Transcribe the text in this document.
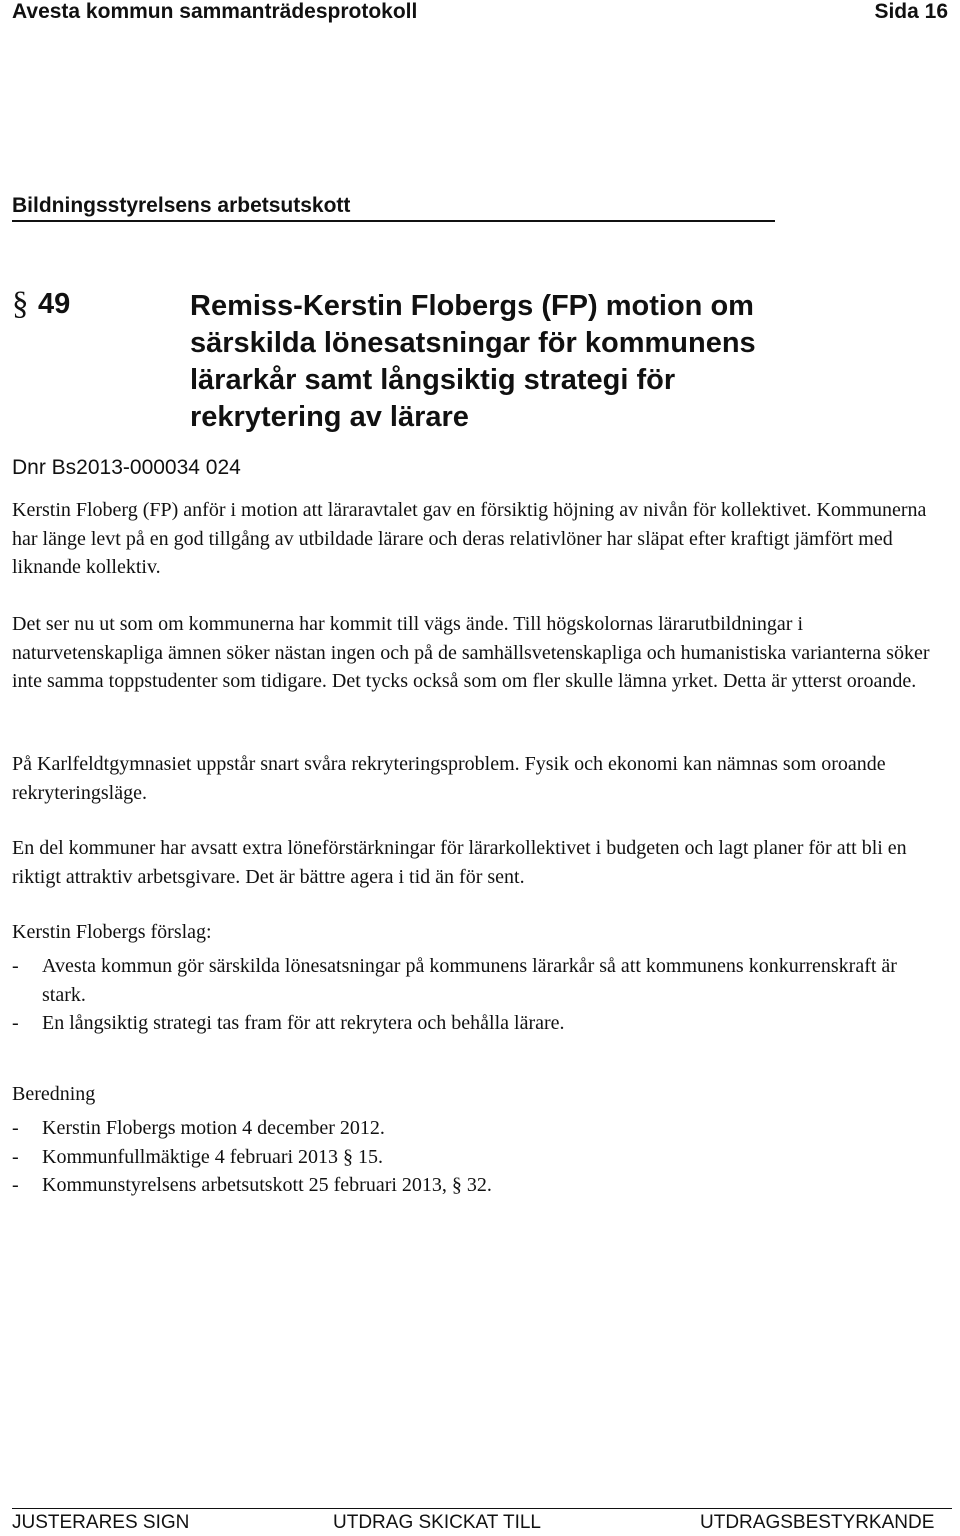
Avesta kommun sammanträdesprotokoll	Sida 16
Bildningsstyrelsens arbetsutskott
§ 49	Remiss-Kerstin Flobergs (FP) motion om
särskilda lönesatsningar för kommunens
lärarkår samt långsiktig strategi för
rekrytering av lärare
Dnr Bs2013-000034 024

Kerstin Floberg (FP) anför i motion att läraravtalet gav en försiktig höjning av nivån för kollektivet. Kommunerna har länge levt på en god tillgång av utbildade lärare och deras relativlöner har släpat efter kraftigt jämfört med liknande kollektiv.

Det ser nu ut som om kommunerna har kommit till vägs ände. Till högskolornas lärarutbildningar i naturvetenskapliga ämnen söker nästan ingen och på de samhällsvetenskapliga och humanistiska varianterna söker inte samma toppstudenter som tidigare. Det tycks också som om fler skulle lämna yrket. Detta är ytterst oroande.

På Karlfeldtgymnasiet uppstår snart svåra rekryteringsproblem. Fysik och ekonomi kan nämnas som oroande rekryteringsläge.

En del kommuner har avsatt extra löneförstärkningar för lärarkollektivet i budgeten och lagt planer för att bli en riktigt attraktiv arbetsgivare. Det är bättre agera i tid än för sent.

Kerstin Flobergs förslag:
- Avesta kommun gör särskilda lönesatsningar på kommunens lärarkår så att kommunens konkurrenskraft är stark.
- En långsiktig strategi tas fram för att rekrytera och behålla lärare.
Beredning
- Kerstin Flobergs motion 4 december 2012.
- Kommunfullmäktige 4 februari 2013 § 15.
- Kommunstyrelsens arbetsutskott 25 februari 2013, § 32.
JUSTERARES SIGN	UTDRAG SKICKAT TILL	UTDRAGSBESTYRKANDE
